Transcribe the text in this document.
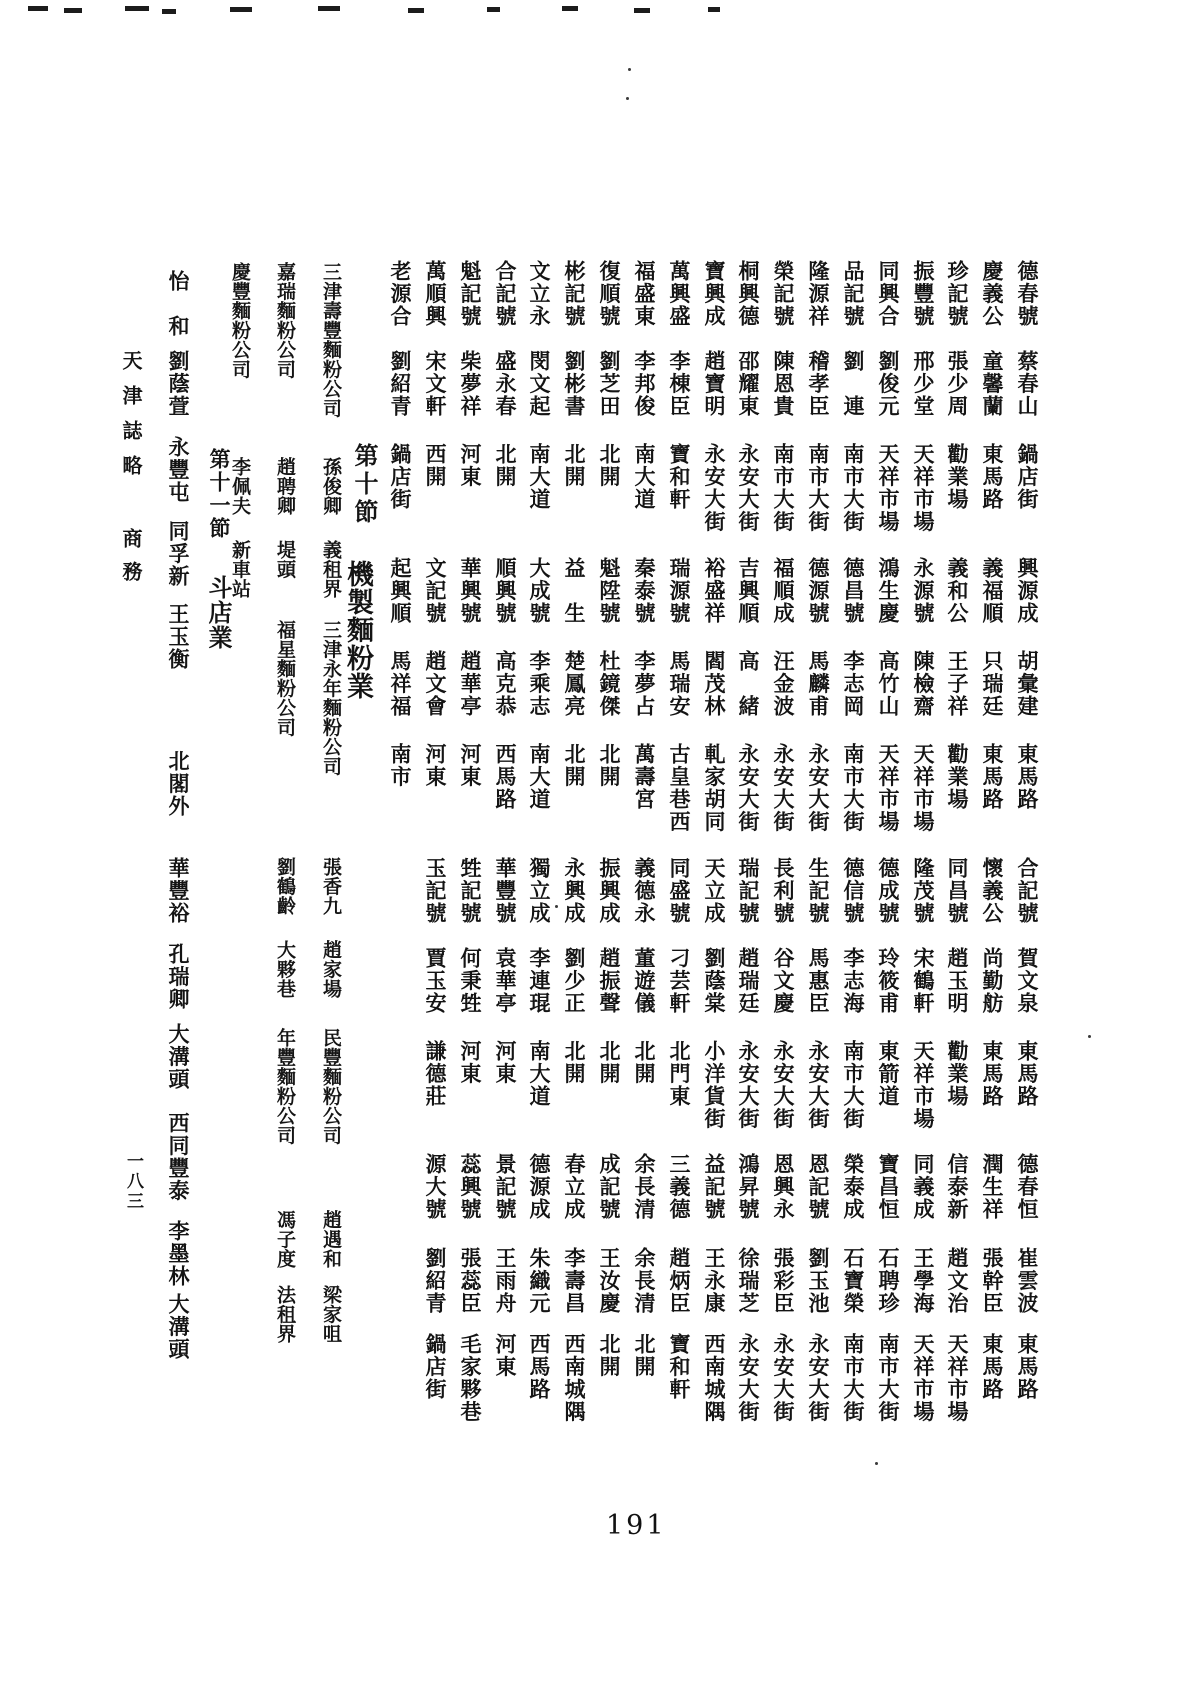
德春號
蔡春山
鍋店街
興源成
胡彙建
東馬路
合記號
賀文泉
東馬路
德春恒
崔雲波
東馬路
慶義公
童馨蘭
東馬路
義福順
只瑞廷
東馬路
懷義公
尚勤舫
東馬路
潤生祥
張幹臣
東馬路
珍記號
張少周
勸業場
義和公
王子祥
勸業場
同昌號
趙玉明
勸業場
信泰新
趙文治
天祥市場
振豐號
邢少堂
天祥市場
永源號
陳檢齋
天祥市場
隆茂號
宋鶴軒
天祥市場
同義成
王學海
天祥市場
同興合
劉俊元
天祥市場
鴻生慶
高竹山
天祥市場
德成號
玲筱甫
東箭道
寶昌恒
石聘珍
南市大街
品記號
劉　連
南市大街
德昌號
李志岡
南市大街
德信號
李志海
南市大街
榮泰成
石寶榮
南市大街
隆源祥
稽孝臣
南市大街
德源號
馬麟甫
永安大街
生記號
馬惠臣
永安大街
恩記號
劉玉池
永安大街
榮記號
陳恩貴
南市大街
福順成
汪金波
永安大街
長利號
谷文慶
永安大街
恩興永
張彩臣
永安大街
桐興德
邵耀東
永安大街
吉興順
高　緒
永安大街
瑞記號
趙瑞廷
永安大街
鴻昇號
徐瑞芝
永安大街
寶興成
趙寶明
永安大街
裕盛祥
閻茂林
軋家胡同
天立成
劉蔭棠
小洋貨街
益記號
王永康
西南城隅
萬興盛
李棟臣
寶和軒
瑞源號
馬瑞安
古皇巷西
同盛號
刁芸軒
北門東
三義德
趙炳臣
寶和軒
福盛東
李邦俊
南大道
秦泰號
李夢占
萬壽宮
義德永
董遊儀
北開
余長清
余長清
北開
復順號
劉芝田
北開
魁陞號
杜鏡傑
北開
振興成
趙振聲
北開
成記號
王汝慶
北開
彬記號
劉彬書
北開
益　生
楚鳳亮
北開
永興成
劉少正
北開
春立成
李壽昌
西南城隅
文立永
閔文起
南大道
大成號
李乘志
南大道
獨立成
李連琨
南大道
德源成
朱織元
西馬路
合記號
盛永春
北開
順興號
高克恭
西馬路
華豐號
袁華亭
河東
景記號
王雨舟
河東
魁記號
柴夢祥
河東
華興號
趙華亭
河東
甡記號
何秉甡
河東
蕊興號
張蕊臣
毛家夥巷
萬順興
宋文軒
西開
文記號
趙文會
河東
玉記號
賈玉安
謙德莊
源大號
劉紹青
鍋店街
老源合
劉紹青
鍋店街
起興順
馬祥福
南市
第十節
機製麵粉業
三津壽豐麵粉公司
孫俊卿
義租界
三津永年麵粉公司
張香九
趙家場
民豐麵粉公司
趙遇和
梁家咀
嘉瑞麵粉公司
趙聘卿
堤頭
福星麵粉公司
劉鶴齡
大夥巷
年豐麵粉公司
馮子度
法租界
慶豐麵粉公司
李佩夫
新車站
第十一節
斗店業
怡　和
劉蔭萱
永豐屯
同孚新
王玉衡
北閣外
華豐裕
孔瑞卿
大溝頭
西同豐泰
李墨林
大溝頭
天津誌略
商務
一八三
191
